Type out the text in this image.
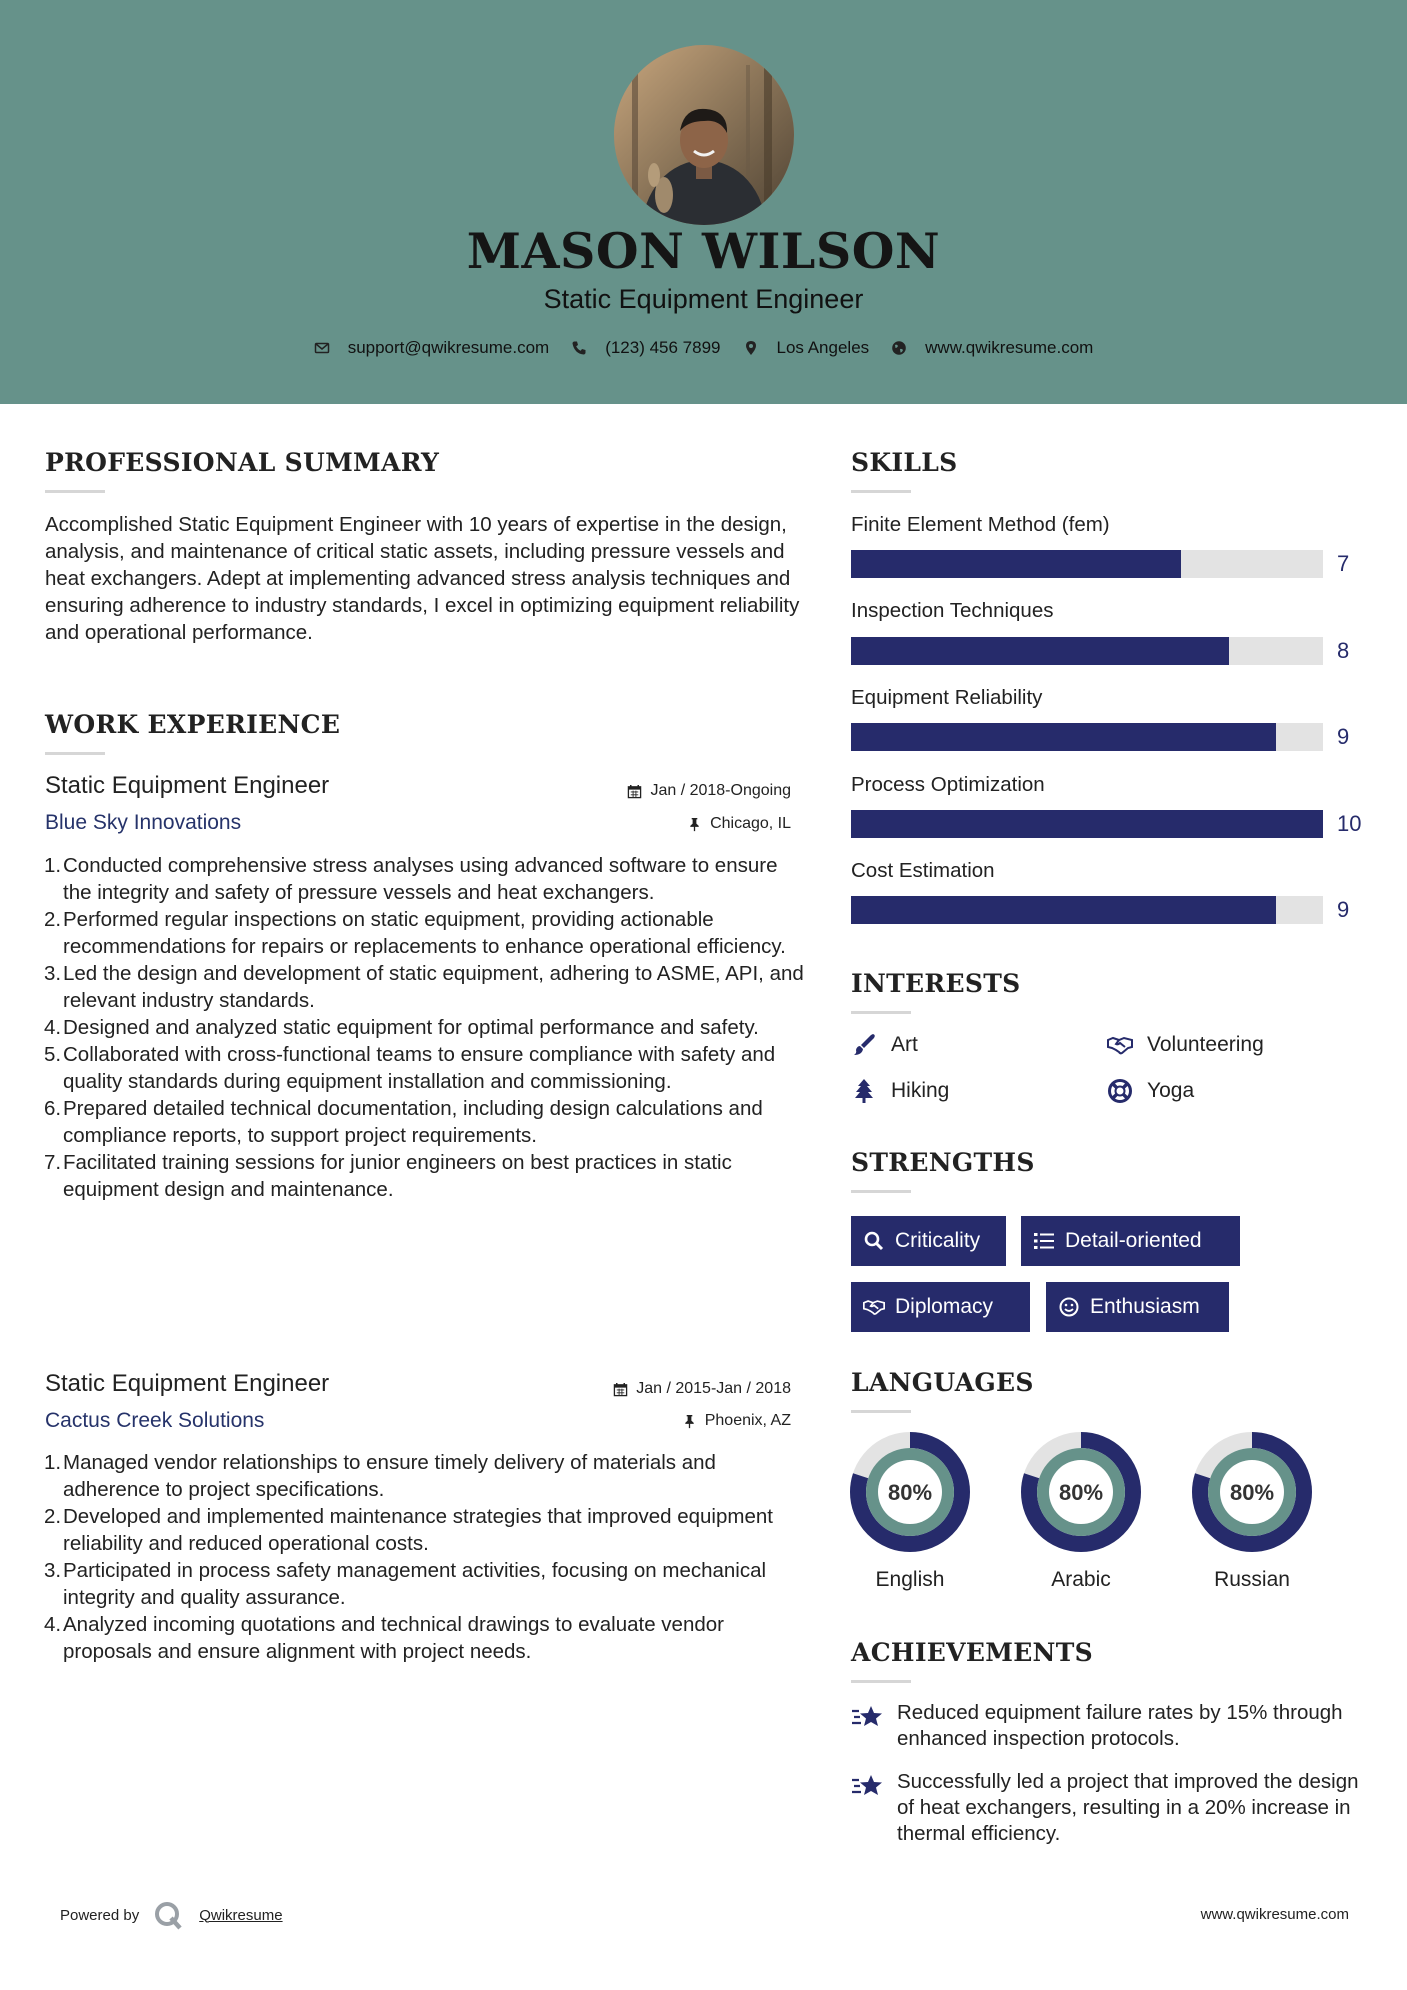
MASON WILSON
Static Equipment Engineer
support@qwikresume.com	(123) 456 7899	Los Angeles	www.qwikresume.com
PROFESSIONAL SUMMARY
Accomplished Static Equipment Engineer with 10 years of expertise in the design, analysis, and maintenance of critical static assets, including pressure vessels and heat exchangers. Adept at implementing advanced stress analysis techniques and ensuring adherence to industry standards, I excel in optimizing equipment reliability and operational performance.
WORK EXPERIENCE
Static Equipment Engineer	Jan / 2018-Ongoing
Blue Sky Innovations	Chicago, IL
1. Conducted comprehensive stress analyses using advanced software to ensure the integrity and safety of pressure vessels and heat exchangers.
2. Performed regular inspections on static equipment, providing actionable recommendations for repairs or replacements to enhance operational efficiency.
3. Led the design and development of static equipment, adhering to ASME, API, and relevant industry standards.
4. Designed and analyzed static equipment for optimal performance and safety.
5. Collaborated with cross-functional teams to ensure compliance with safety and quality standards during equipment installation and commissioning.
6. Prepared detailed technical documentation, including design calculations and compliance reports, to support project requirements.
7. Facilitated training sessions for junior engineers on best practices in static equipment design and maintenance.
Static Equipment Engineer	Jan / 2015-Jan / 2018
Cactus Creek Solutions	Phoenix, AZ
1. Managed vendor relationships to ensure timely delivery of materials and adherence to project specifications.
2. Developed and implemented maintenance strategies that improved equipment reliability and reduced operational costs.
3. Participated in process safety management activities, focusing on mechanical integrity and quality assurance.
4. Analyzed incoming quotations and technical drawings to evaluate vendor proposals and ensure alignment with project needs.
SKILLS
Finite Element Method (fem)
7
Inspection Techniques
8
Equipment Reliability
9
Process Optimization
10
Cost Estimation
9
INTERESTS
Art	Volunteering
Hiking	Yoga
STRENGTHS
Criticality	Detail-oriented
Diplomacy	Enthusiasm
LANGUAGES
80%
English
80%
Arabic
80%
Russian
ACHIEVEMENTS
Reduced equipment failure rates by 15% through enhanced inspection protocols.
Successfully led a project that improved the design of heat exchangers, resulting in a 20% increase in thermal efficiency.
Powered by	Qwikresume	www.qwikresume.com
